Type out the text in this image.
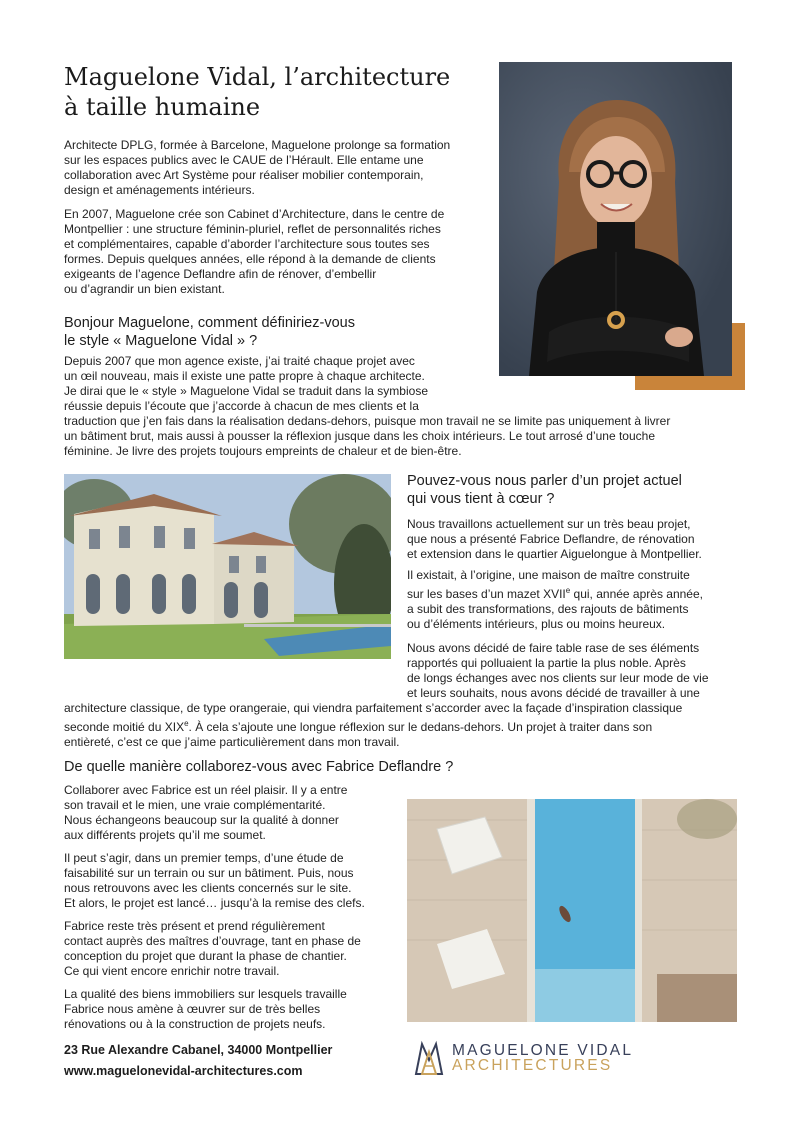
Maguelone Vidal, l’architecture
à taille humaine

Architecte DPLG, formée à Barcelone, Maguelone prolonge sa formation

sur les espaces publics avec le CAUE de l’Hérault. Elle entame une

collaboration avec Art Système pour réaliser mobilier contemporain,

design et aménagements intérieurs.

En 2007, Maguelone crée son Cabinet d’Architecture, dans le centre de

Montpellier : une structure féminin-pluriel, reflet de personnalités riches

et complémentaires, capable d’aborder l’architecture sous toutes ses

formes. Depuis quelques années, elle répond à la demande de clients

exigeants de l’agence Deflandre afin de rénover, d’embellir

ou d’agrandir un bien existant.

Bonjour Maguelone, comment définiriez-vous
le style « Maguelone Vidal » ?

Depuis 2007 que mon agence existe, j’ai traité chaque projet avec

un œil nouveau, mais il existe une patte propre à chaque architecte.

Je dirai que le « style » Maguelone Vidal se traduit dans la symbiose

réussie depuis l’écoute que j’accorde à chacun de mes clients et la

traduction que j’en fais dans la réalisation dedans-dehors, puisque mon travail ne se limite pas uniquement à livrer

un bâtiment brut, mais aussi à pousser la réflexion jusque dans les choix intérieurs. Le tout arrosé d’une touche

féminine. Je livre des projets toujours empreints de chaleur et de bien-être.

Pouvez-vous nous parler d’un projet actuel
qui vous tient à cœur ?

Nous travaillons actuellement sur un très beau projet,

que nous a présenté Fabrice Deflandre, de rénovation

et extension dans le quartier Aiguelongue à Montpellier.

Il existait, à l’origine, une maison de maître construite

sur les bases d’un mazet XVIIe qui, année après année,

a subit des transformations, des rajouts de bâtiments

ou d’éléments intérieurs, plus ou moins heureux.

Nous avons décidé de faire table rase de ses éléments

rapportés qui polluaient la partie la plus noble. Après

de longs échanges avec nos clients sur leur mode de vie

et leurs souhaits, nous avons décidé de travailler à une

architecture classique, de type orangeraie, qui viendra parfaitement s’accorder avec la façade d’inspiration classique

seconde moitié du XIXe. À cela s’ajoute une longue réflexion sur le dedans-dehors. Un projet à traiter dans son

entièreté, c’est ce que j’aime particulièrement dans mon travail.

De quelle manière collaborez-vous avec Fabrice Deflandre ?

Collaborer avec Fabrice est un réel plaisir. Il y a entre

son travail et le mien, une vraie complémentarité.

Nous échangeons beaucoup sur la qualité à donner

aux différents projets qu’il me soumet.

Il peut s’agir, dans un premier temps, d’une étude de

faisabilité sur un terrain ou sur un bâtiment. Puis, nous

nous retrouvons avec les clients concernés sur le site.

Et alors, le projet est lancé… jusqu’à la remise des clefs.

Fabrice reste très présent et prend régulièrement

contact auprès des maîtres d’ouvrage, tant en phase de

conception du projet que durant la phase de chantier.

Ce qui vient encore enrichir notre travail.

La qualité des biens immobiliers sur lesquels travaille

Fabrice nous amène à œuvrer sur de très belles

rénovations ou à la construction de projets neufs.

23 Rue Alexandre Cabanel, 34000 Montpellier

www.maguelonevidal-architectures.com

MAGUELONE VIDAL
ARCHITECTURES
